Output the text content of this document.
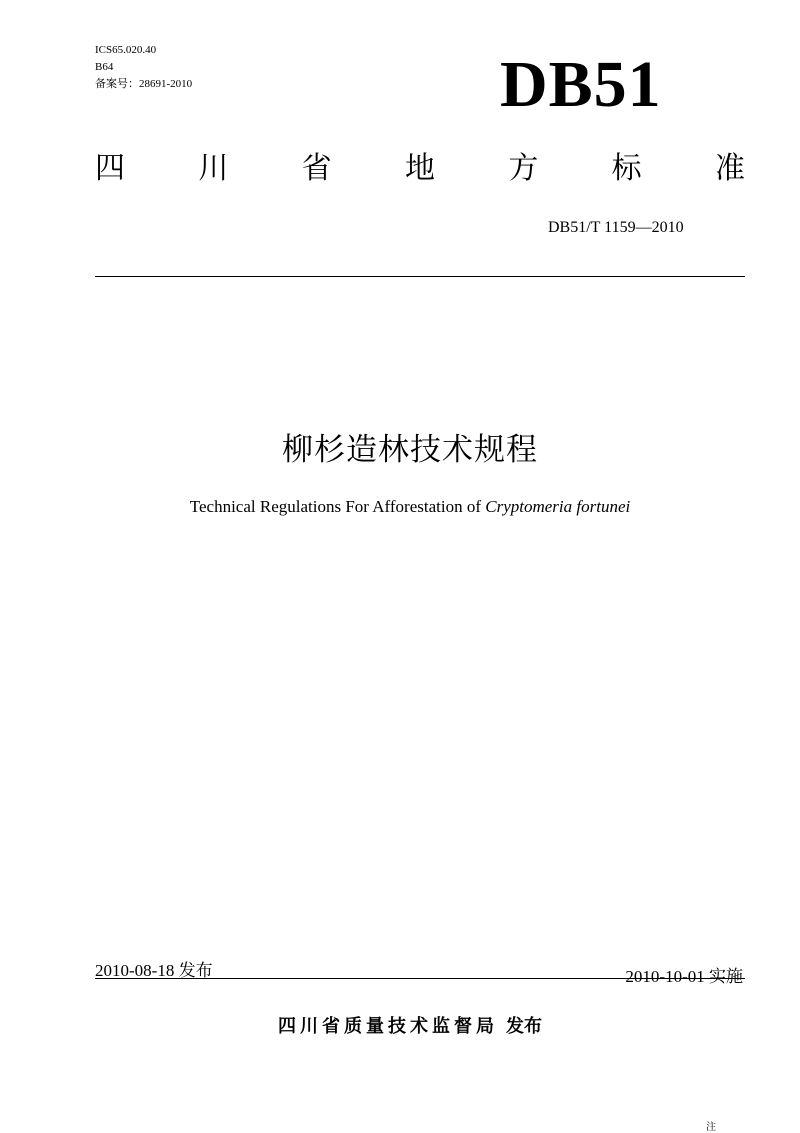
ICS65.020.40
B64
备案号：28691-2010	DB51
四 川 省 地 方 标 准
DB51/T 1159—2010
柳杉造林技术规程
Technical Regulations For Afforestation of Cryptomeria fortunei
2010-08-18 发布	2010-10-01 实施
四川省质量技术监督局 发布
注
